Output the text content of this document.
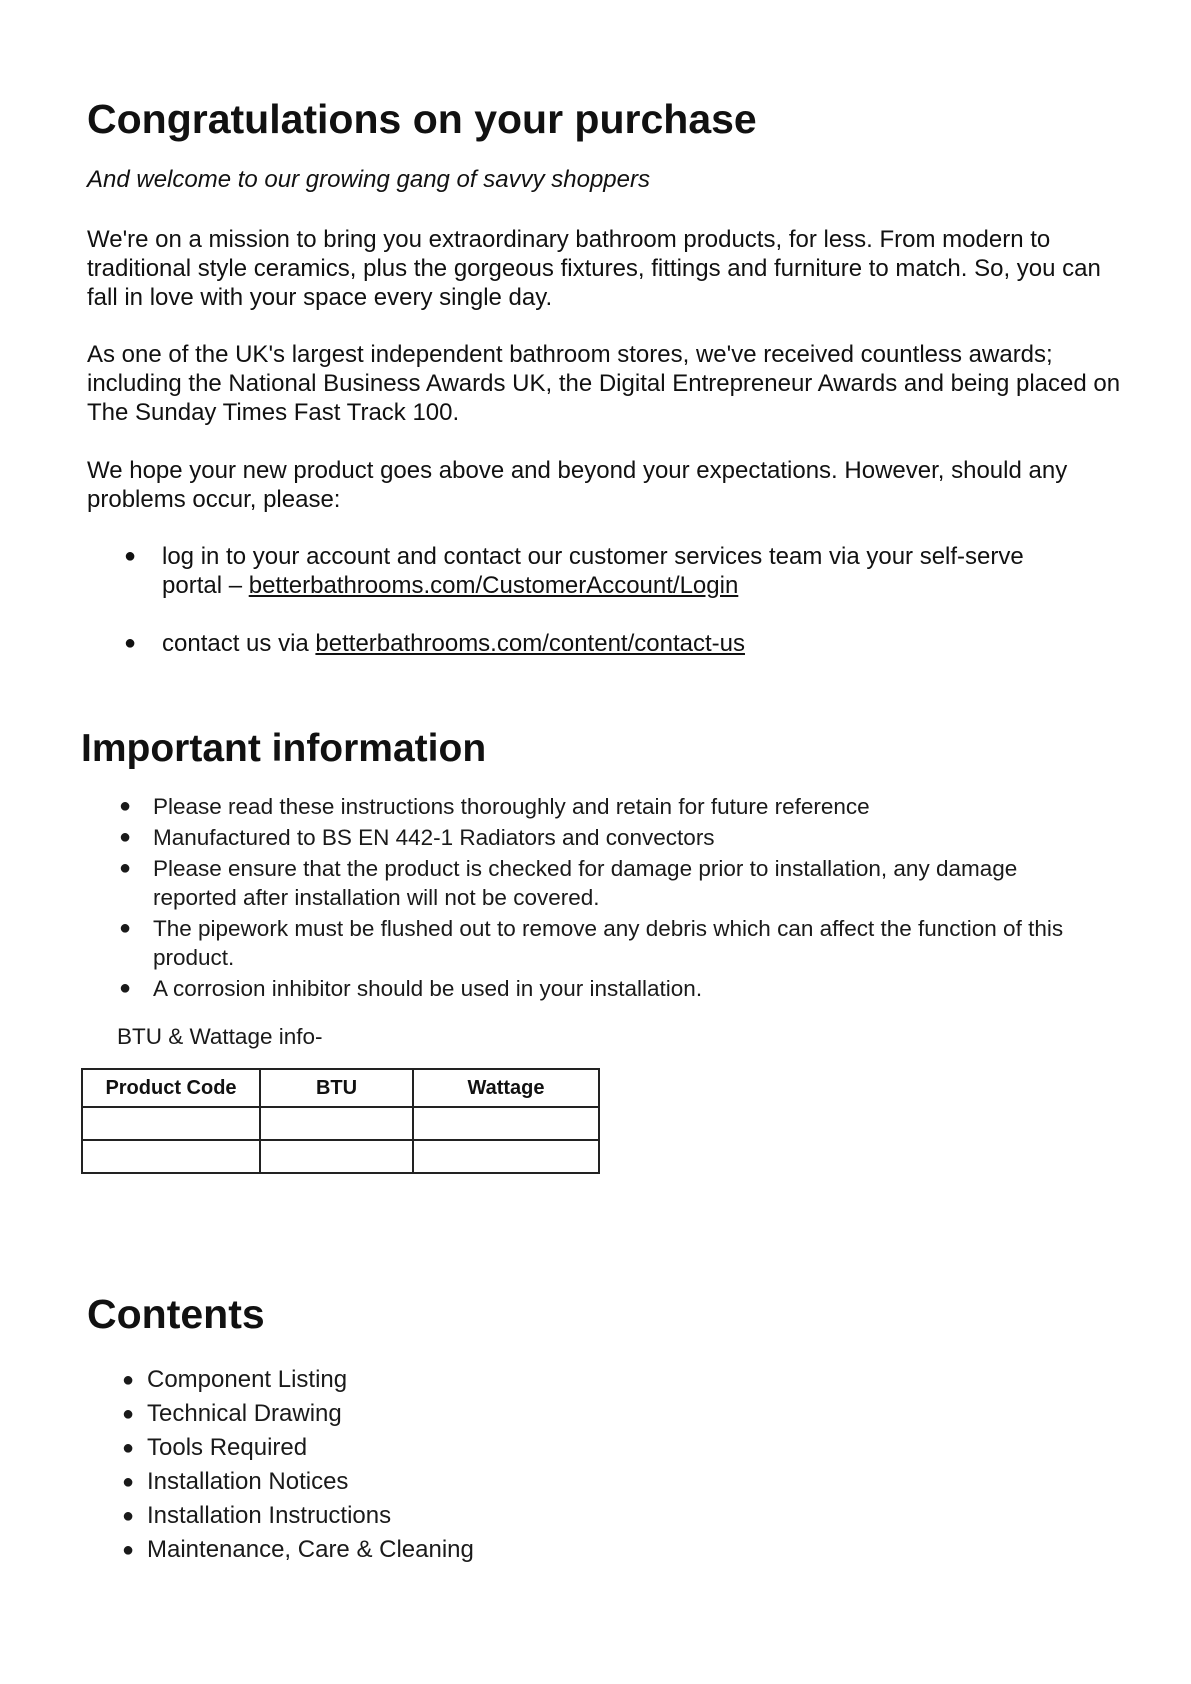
Congratulations on your purchase
And welcome to our growing gang of savvy shoppers

We're on a mission to bring you extraordinary bathroom products, for less. From modern to traditional style ceramics, plus the gorgeous fixtures, fittings and furniture to match. So, you can fall in love with your space every single day.

As one of the UK's largest independent bathroom stores, we've received countless awards; including the National Business Awards UK, the Digital Entrepreneur Awards and being placed on The Sunday Times Fast Track 100.

We hope your new product goes above and beyond your expectations. However, should any problems occur, please:

● log in to your account and contact our customer services team via your self-serve portal – betterbathrooms.com/CustomerAccount/Login
● contact us via betterbathrooms.com/content/contact-us
Important information
● Please read these instructions thoroughly and retain for future reference
● Manufactured to BS EN 442-1 Radiators and convectors
● Please ensure that the product is checked for damage prior to installation, any damage reported after installation will not be covered.
● The pipework must be flushed out to remove any debris which can affect the function of this product.
● A corrosion inhibitor should be used in your installation.
BTU & Wattage info-
Product Code	BTU	Wattage

Contents
● Component Listing
● Technical Drawing
● Tools Required
● Installation Notices
● Installation Instructions
● Maintenance, Care & Cleaning
